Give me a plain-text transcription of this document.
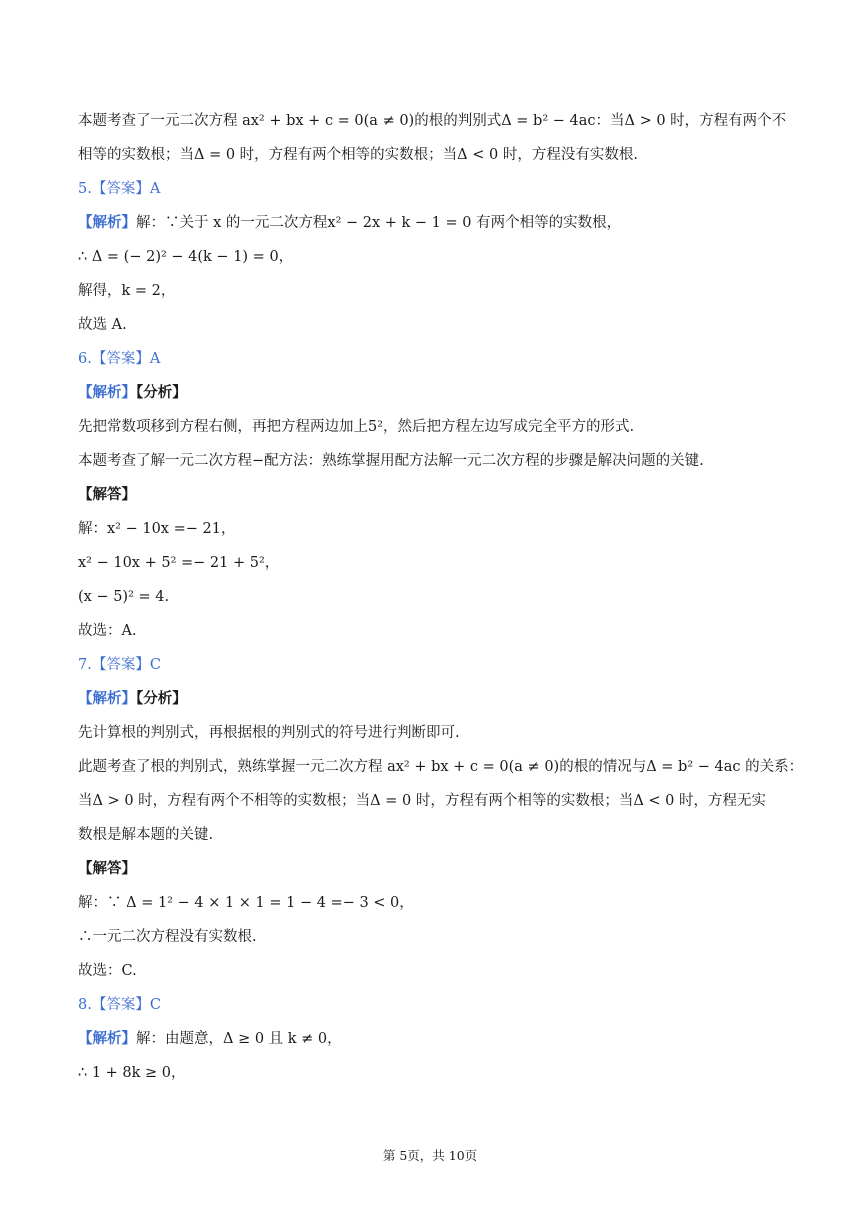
本题考查了一元二次方程 ax² + bx + c = 0(a ≠ 0)的根的判别式Δ = b² − 4ac：当Δ > 0 时，方程有两个不
相等的实数根；当Δ = 0 时，方程有两个相等的实数根；当Δ < 0 时，方程没有实数根.
5.【答案】A
【解析】解：∵关于 x 的一元二次方程x² − 2x + k − 1 = 0 有两个相等的实数根，
∴ Δ = (− 2)² − 4(k − 1) = 0，
解得，k = 2，
故选 A.
6.【答案】A
【解析】【分析】
先把常数项移到方程右侧，再把方程两边加上5²，然后把方程左边写成完全平方的形式.
本题考查了解一元二次方程−配方法：熟练掌握用配方法解一元二次方程的步骤是解决问题的关键.
【解答】
解：x² − 10x =− 21，
x² − 10x + 5² =− 21 + 5²，
(x − 5)² = 4.
故选：A.
7.【答案】C
【解析】【分析】
先计算根的判别式，再根据根的判别式的符号进行判断即可.
此题考查了根的判别式，熟练掌握一元二次方程 ax² + bx + c = 0(a ≠ 0)的根的情况与Δ = b² − 4ac 的关系：
当Δ > 0 时，方程有两个不相等的实数根；当Δ = 0 时，方程有两个相等的实数根；当Δ < 0 时，方程无实
数根是解本题的关键.
【解答】
解：∵ Δ = 1² − 4 × 1 × 1 = 1 − 4 =− 3 < 0，
∴一元二次方程没有实数根.
故选：C.
8.【答案】C
【解析】解：由题意，Δ ≥ 0 且 k ≠ 0，
∴ 1 + 8k ≥ 0，
第 5页，共 10页
